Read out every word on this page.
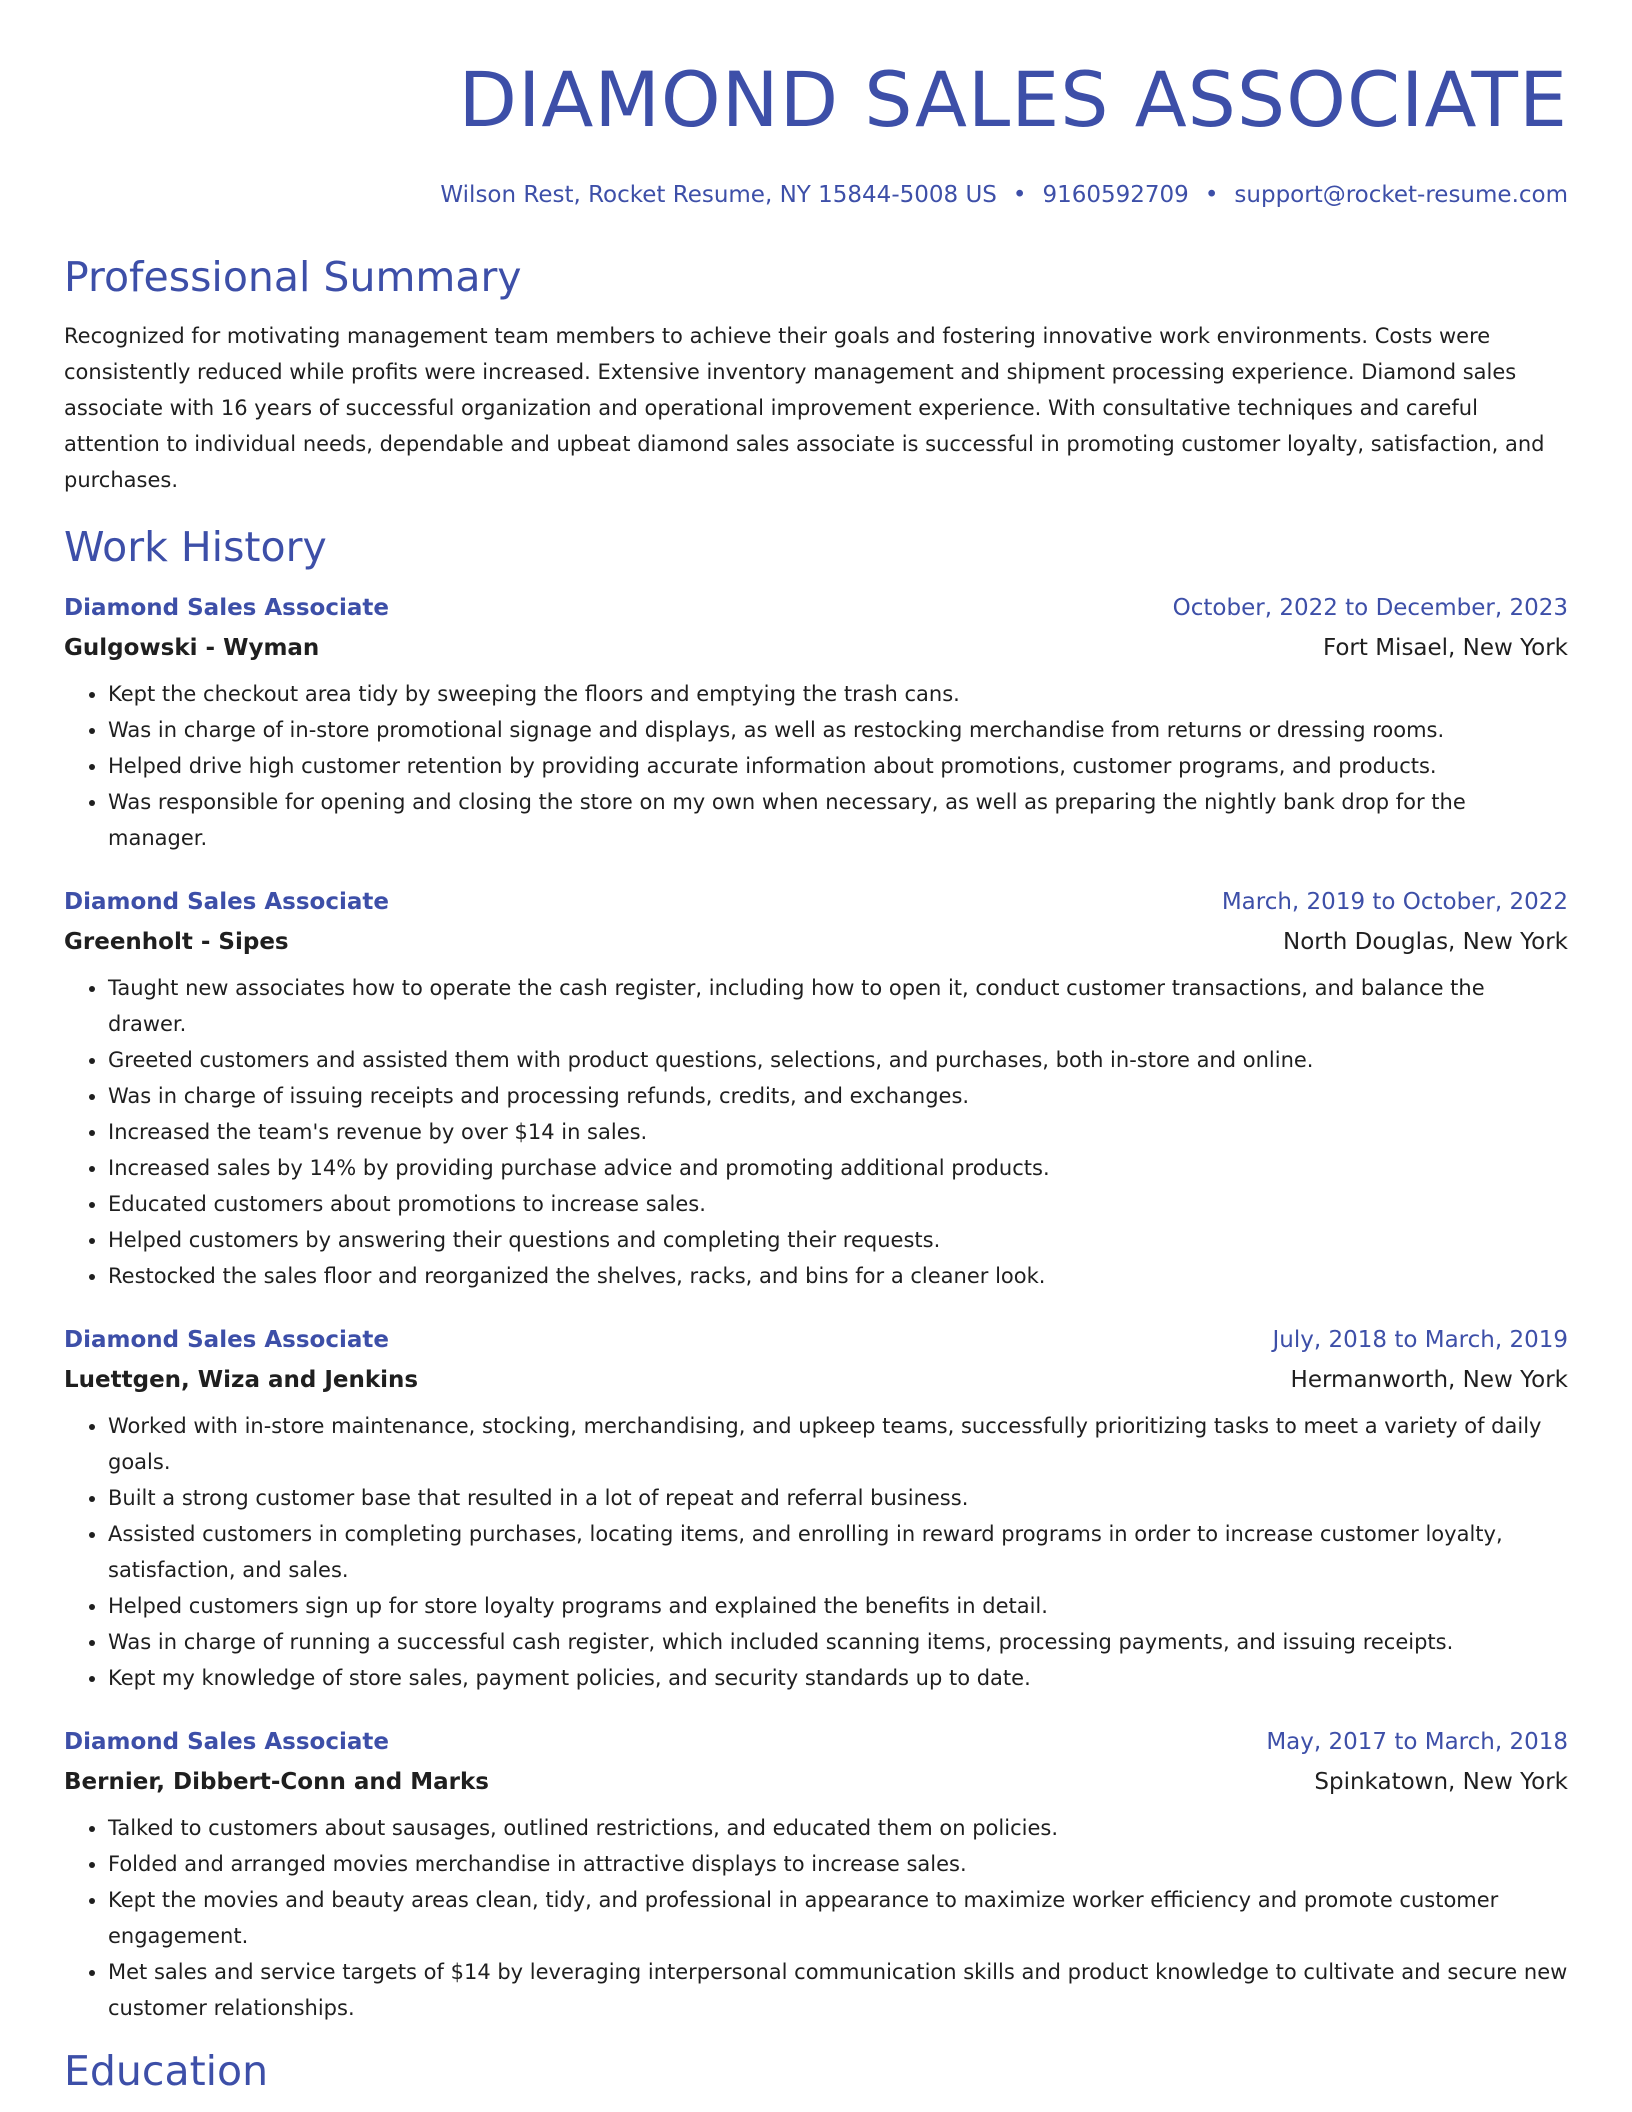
DIAMOND SALES ASSOCIATE
Wilson Rest, Rocket Resume, NY 15844-5008 US • 9160592709 • support@rocket-resume.com
Professional Summary

Recognized for motivating management team members to achieve their goals and fostering innovative work environments. Costs were consistently reduced while profits were increased. Extensive inventory management and shipment processing experience. Diamond sales associate with 16 years of successful organization and operational improvement experience. With consultative techniques and careful attention to individual needs, dependable and upbeat diamond sales associate is successful in promoting customer loyalty, satisfaction, and purchases.

Work History
Diamond Sales Associate	October, 2022 to December, 2023
Gulgowski - Wyman	Fort Misael, New York
• Kept the checkout area tidy by sweeping the floors and emptying the trash cans.
• Was in charge of in-store promotional signage and displays, as well as restocking merchandise from returns or dressing rooms.
• Helped drive high customer retention by providing accurate information about promotions, customer programs, and products.
• Was responsible for opening and closing the store on my own when necessary, as well as preparing the nightly bank drop for the manager.
Diamond Sales Associate	March, 2019 to October, 2022
Greenholt - Sipes	North Douglas, New York
• Taught new associates how to operate the cash register, including how to open it, conduct customer transactions, and balance the drawer.
• Greeted customers and assisted them with product questions, selections, and purchases, both in-store and online.
• Was in charge of issuing receipts and processing refunds, credits, and exchanges.
• Increased the team's revenue by over $14 in sales.
• Increased sales by 14% by providing purchase advice and promoting additional products.
• Educated customers about promotions to increase sales.
• Helped customers by answering their questions and completing their requests.
• Restocked the sales floor and reorganized the shelves, racks, and bins for a cleaner look.
Diamond Sales Associate	July, 2018 to March, 2019
Luettgen, Wiza and Jenkins	Hermanworth, New York
• Worked with in-store maintenance, stocking, merchandising, and upkeep teams, successfully prioritizing tasks to meet a variety of daily goals.
• Built a strong customer base that resulted in a lot of repeat and referral business.
• Assisted customers in completing purchases, locating items, and enrolling in reward programs in order to increase customer loyalty, satisfaction, and sales.
• Helped customers sign up for store loyalty programs and explained the benefits in detail.
• Was in charge of running a successful cash register, which included scanning items, processing payments, and issuing receipts.
• Kept my knowledge of store sales, payment policies, and security standards up to date.
Diamond Sales Associate	May, 2017 to March, 2018
Bernier, Dibbert-Conn and Marks	Spinkatown, New York
• Talked to customers about sausages, outlined restrictions, and educated them on policies.
• Folded and arranged movies merchandise in attractive displays to increase sales.
• Kept the movies and beauty areas clean, tidy, and professional in appearance to maximize worker efficiency and promote customer engagement.
• Met sales and service targets of $14 by leveraging interpersonal communication skills and product knowledge to cultivate and secure new customer relationships.
Education
